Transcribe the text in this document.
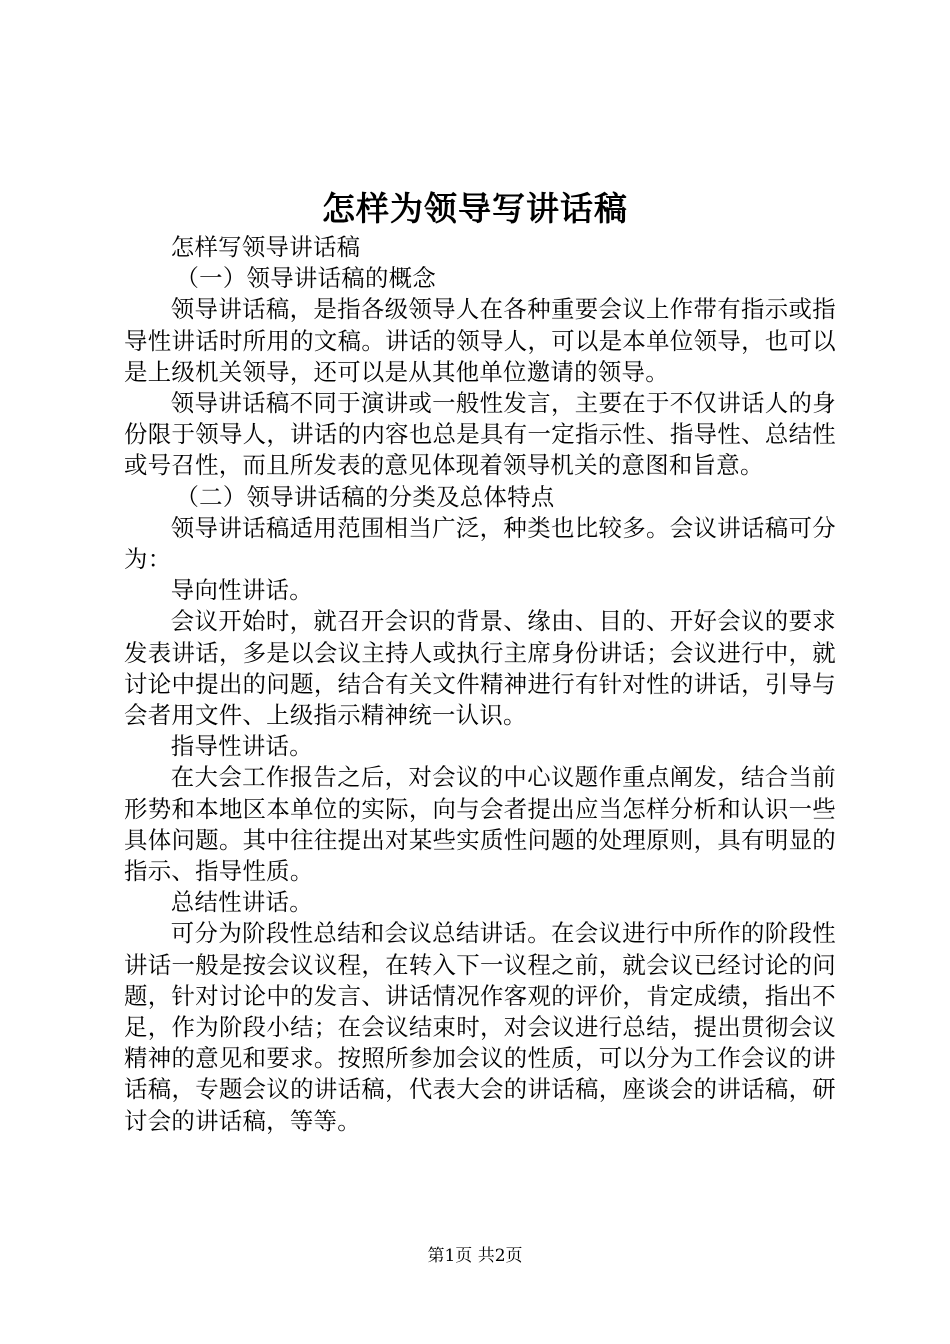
怎样为领导写讲话稿

怎样写领导讲话稿

（一）领导讲话稿的概念

领导讲话稿，是指各级领导人在各种重要会议上作带有指示或指导性讲话时所用的文稿。讲话的领导人，可以是本单位领导，也可以是上级机关领导，还可以是从其他单位邀请的领导。

领导讲话稿不同于演讲或一般性发言，主要在于不仅讲话人的身份限于领导人，讲话的内容也总是具有一定指示性、指导性、总结性或号召性，而且所发表的意见体现着领导机关的意图和旨意。

（二）领导讲话稿的分类及总体特点

领导讲话稿适用范围相当广泛，种类也比较多。会议讲话稿可分为：

导向性讲话。

会议开始时，就召开会识的背景、缘由、目的、开好会议的要求发表讲话，多是以会议主持人或执行主席身份讲话；会议进行中，就讨论中提出的问题，结合有关文件精神进行有针对性的讲话，引导与会者用文件、上级指示精神统一认识。

指导性讲话。

在大会工作报告之后，对会议的中心议题作重点阐发，结合当前形势和本地区本单位的实际，向与会者提出应当怎样分析和认识一些具体问题。其中往往提出对某些实质性问题的处理原则，具有明显的指示、指导性质。

总结性讲话。

可分为阶段性总结和会议总结讲话。在会议进行中所作的阶段性讲话一般是按会议议程，在转入下一议程之前，就会议已经讨论的问题，针对讨论中的发言、讲话情况作客观的评价，肯定成绩，指出不足，作为阶段小结；在会议结束时，对会议进行总结，提出贯彻会议精神的意见和要求。按照所参加会议的性质，可以分为工作会议的讲话稿，专题会议的讲话稿，代表大会的讲话稿，座谈会的讲话稿，研讨会的讲话稿，等等。

第1页 共2页
